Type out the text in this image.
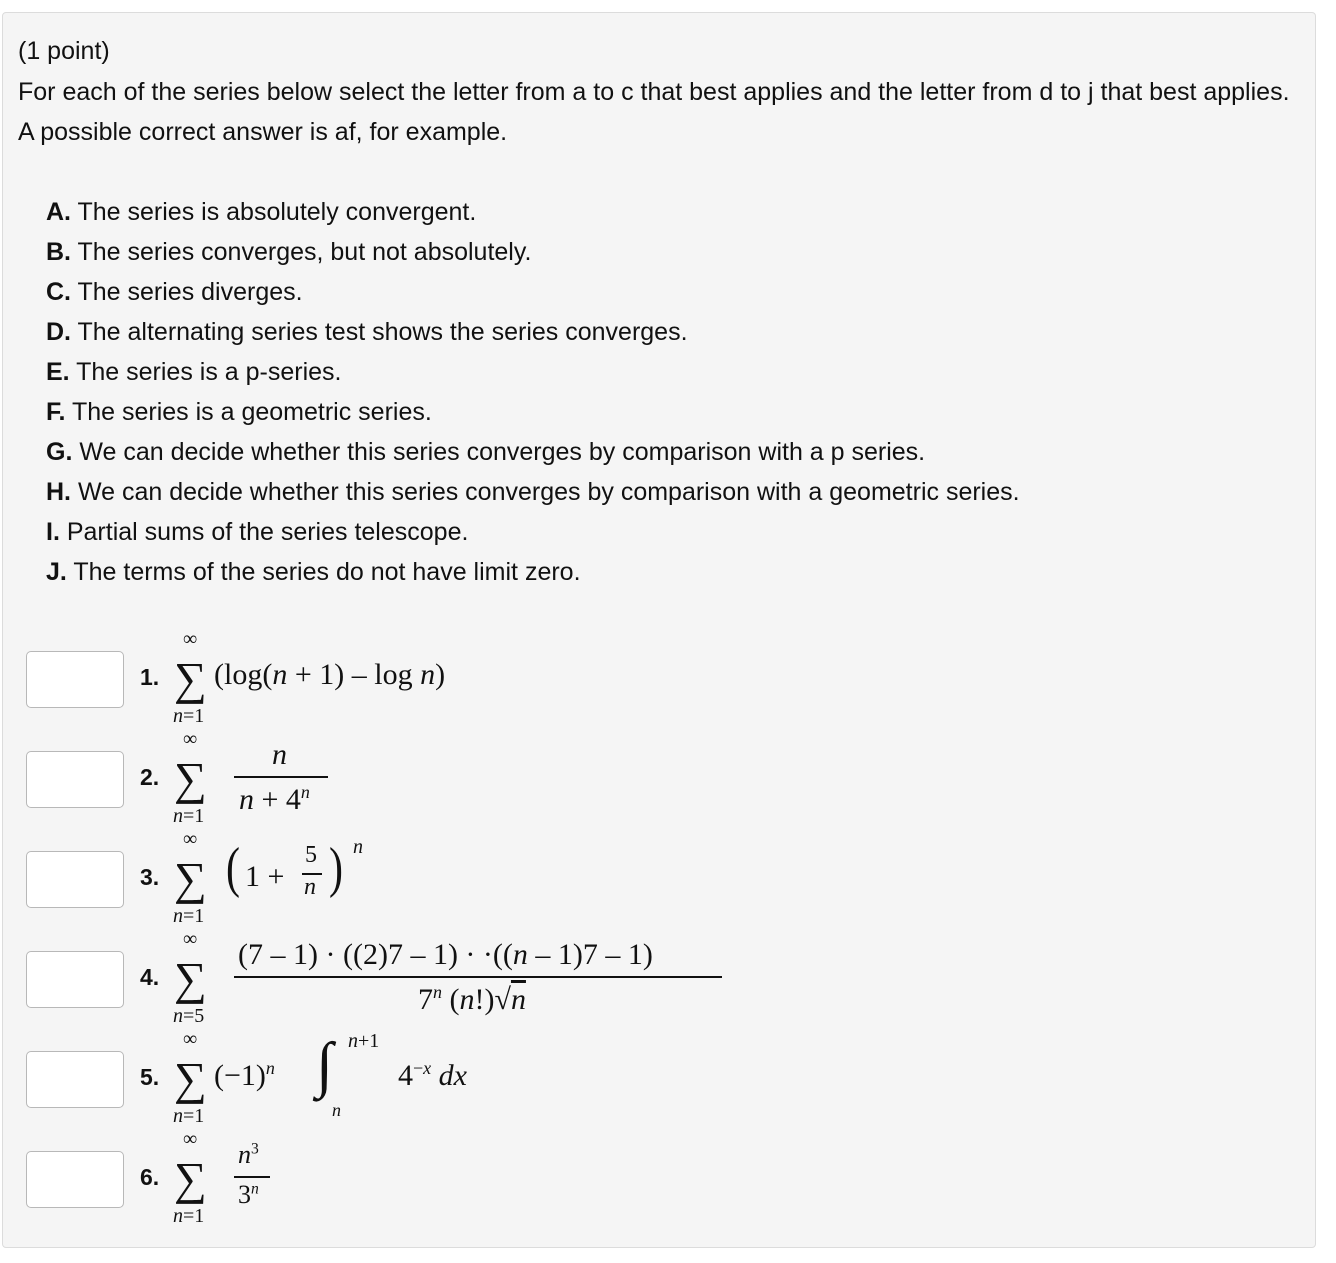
(1 point)
For each of the series below select the letter from a to c that best applies and the letter from d to j that best applies. A possible correct answer is af, for example.
A. The series is absolutely convergent.
B. The series converges, but not absolutely.
C. The series diverges.
D. The alternating series test shows the series converges.
E. The series is a p-series.
F. The series is a geometric series.
G. We can decide whether this series converges by comparison with a p series.
H. We can decide whether this series converges by comparison with a geometric series.
I. Partial sums of the series telescope.
J. The terms of the series do not have limit zero.
1.
∞
∑
n=1
(log(n + 1) – log n)
2.
∞
∑
n=1
n
$n + 4^n$
3.
∞
∑
n=1
( 1 +
5
n ) n
4.
∞
∑
n=5
(7 – 1) · ((2)7 – 1) · ·((n – 1)7 – 1)
7$^n$ (n!)√n
5.
∞
∑
n=1
$(-1)^n$ ∫ n+1
n
$4^{-x}$ dx
6.
∞
∑
n=1
$n^3$
3$^n$
